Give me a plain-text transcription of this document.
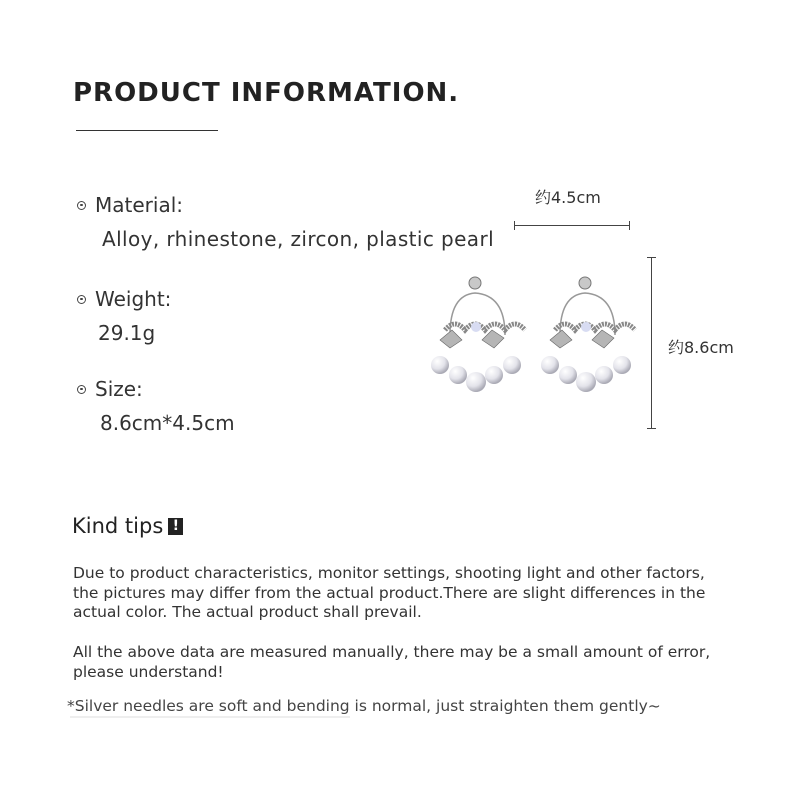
PRODUCT INFORMATION.
Material:
Alloy, rhinestone, zircon, plastic pearl
Weight:
29.1g
Size:
8.6cm*4.5cm
约4.5cm
约8.6cm
Kind tips !
Due to product characteristics, monitor settings, shooting light and other factors, the pictures may differ from the actual product.There are slight differences in the actual color. The actual product shall prevail.
All the above data are measured manually, there may be a small amount of error, please understand!
*Silver needles are soft and bending is normal, just straighten them gently~
